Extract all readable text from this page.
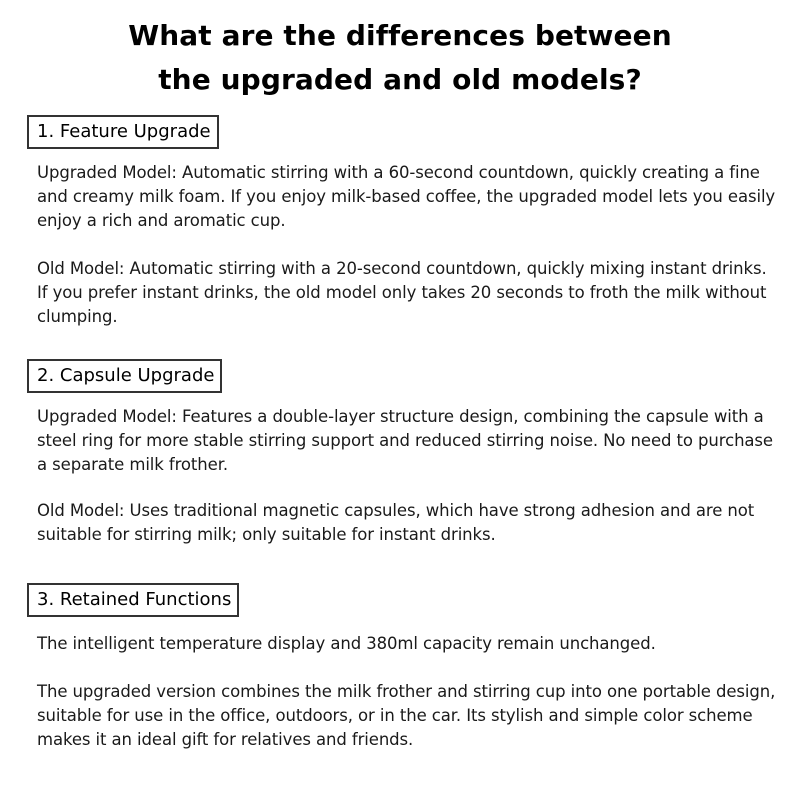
What are the differences between
the upgraded and old models?
1. Feature Upgrade

Upgraded Model: Automatic stirring with a 60-second countdown, quickly creating a fine and creamy milk foam. If you enjoy milk-based coffee, the upgraded model lets you easily enjoy a rich and aromatic cup.

Old Model: Automatic stirring with a 20-second countdown, quickly mixing instant drinks. If you prefer instant drinks, the old model only takes 20 seconds to froth the milk without clumping.

2. Capsule Upgrade

Upgraded Model: Features a double-layer structure design, combining the capsule with a steel ring for more stable stirring support and reduced stirring noise. No need to purchase a separate milk frother.

Old Model: Uses traditional magnetic capsules, which have strong adhesion and are not suitable for stirring milk; only suitable for instant drinks.

3. Retained Functions

The intelligent temperature display and 380ml capacity remain unchanged.

The upgraded version combines the milk frother and stirring cup into one portable design, suitable for use in the office, outdoors, or in the car. Its stylish and simple color scheme makes it an ideal gift for relatives and friends.
